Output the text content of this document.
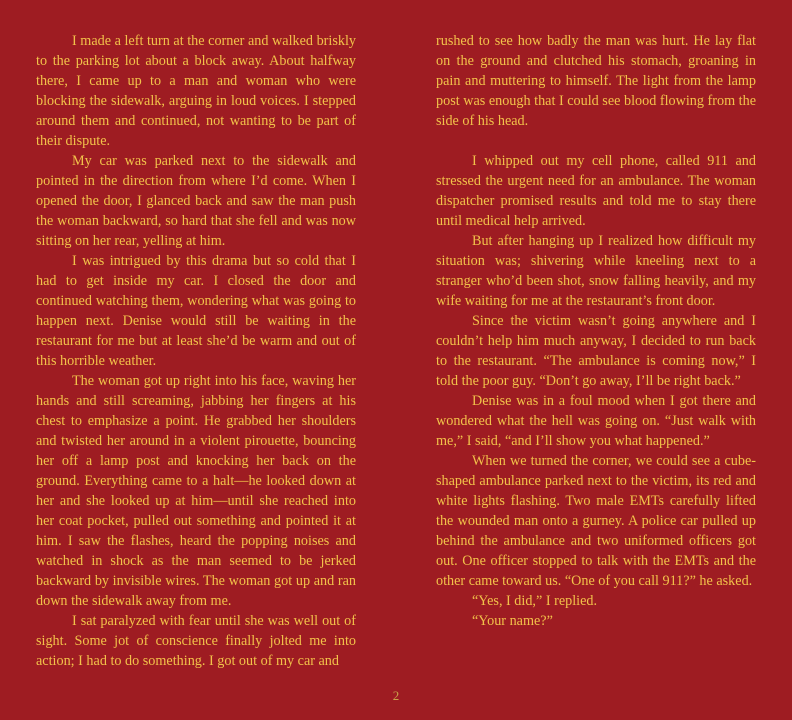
I made a left turn at the corner and walked briskly to the parking lot about a block away. About halfway there, I came up to a man and woman who were blocking the sidewalk, arguing in loud voices. I stepped around them and continued, not wanting to be part of their dispute.

My car was parked next to the sidewalk and pointed in the direction from where I’d come. When I opened the door, I glanced back and saw the man push the woman backward, so hard that she fell and was now sitting on her rear, yelling at him.

I was intrigued by this drama but so cold that I had to get inside my car. I closed the door and continued watching them, wondering what was going to happen next. Denise would still be waiting in the restaurant for me but at least she’d be warm and out of this horrible weather.

The woman got up right into his face, waving her hands and still screaming, jabbing her fingers at his chest to emphasize a point. He grabbed her shoulders and twisted her around in a violent pirouette, bouncing her off a lamp post and knocking her back on the ground. Everything came to a halt—he looked down at her and she looked up at him—until she reached into her coat pocket, pulled out something and pointed it at him. I saw the flashes, heard the popping noises and watched in shock as the man seemed to be jerked backward by invisible wires. The woman got up and ran down the sidewalk away from me.

I sat paralyzed with fear until she was well out of sight. Some jot of conscience finally jolted me into action; I had to do something. I got out of my car and

rushed to see how badly the man was hurt. He lay flat on the ground and clutched his stomach, groaning in pain and muttering to himself. The light from the lamp post was enough that I could see blood flowing from the side of his head.

I whipped out my cell phone, called 911 and stressed the urgent need for an ambulance. The woman dispatcher promised results and told me to stay there until medical help arrived.

But after hanging up I realized how difficult my situation was; shivering while kneeling next to a stranger who’d been shot, snow falling heavily, and my wife waiting for me at the restaurant’s front door.

Since the victim wasn’t going anywhere and I couldn’t help him much anyway, I decided to run back to the restaurant. “The ambulance is coming now,” I told the poor guy. “Don’t go away, I’ll be right back.”

Denise was in a foul mood when I got there and wondered what the hell was going on. “Just walk with me,” I said, “and I’ll show you what happened.”

When we turned the corner, we could see a cube-shaped ambulance parked next to the victim, its red and white lights flashing. Two male EMTs carefully lifted the wounded man onto a gurney. A police car pulled up behind the ambulance and two uniformed officers got out. One officer stopped to talk with the EMTs and the other came toward us. “One of you call 911?” he asked.

“Yes, I did,” I replied.

“Your name?”

2
